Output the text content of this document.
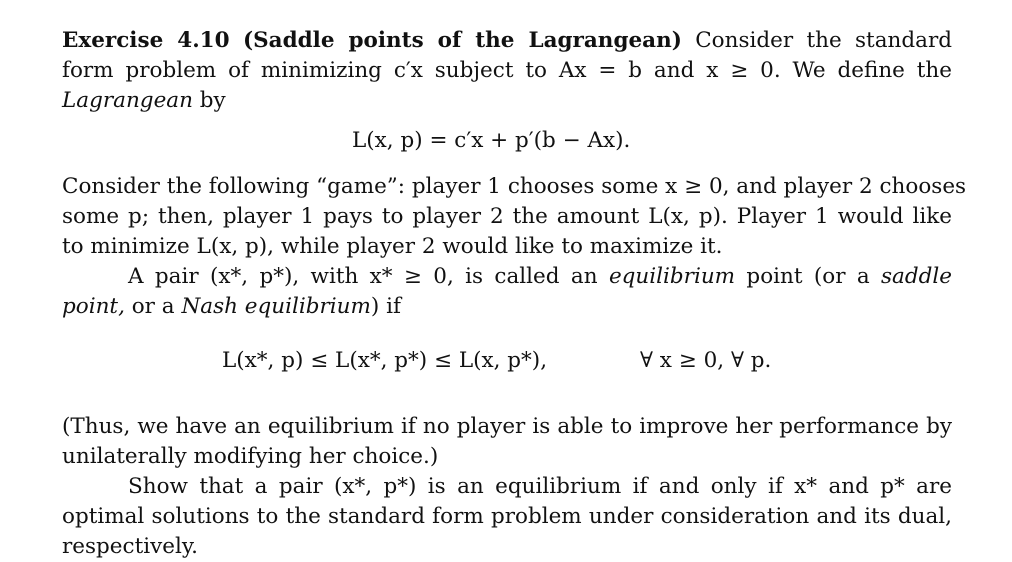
Exercise 4.10 (Saddle points of the Lagrangean) Consider the standard
form problem of minimizing c′x subject to Ax = b and x ≥ 0. We define the
Lagrangean by
L(x, p) = c′x + p′(b − Ax).
Consider the following “game”: player 1 chooses some x ≥ 0, and player 2 chooses
some p; then, player 1 pays to player 2 the amount L(x, p). Player 1 would like
to minimize L(x, p), while player 2 would like to maximize it.
A pair (x*, p*), with x* ≥ 0, is called an equilibrium point (or a saddle
point, or a Nash equilibrium) if
L(x*, p) ≤ L(x*, p*) ≤ L(x, p*),	∀ x ≥ 0, ∀ p.
(Thus, we have an equilibrium if no player is able to improve her performance by
unilaterally modifying her choice.)
Show that a pair (x*, p*) is an equilibrium if and only if x* and p* are
optimal solutions to the standard form problem under consideration and its dual,
respectively.
